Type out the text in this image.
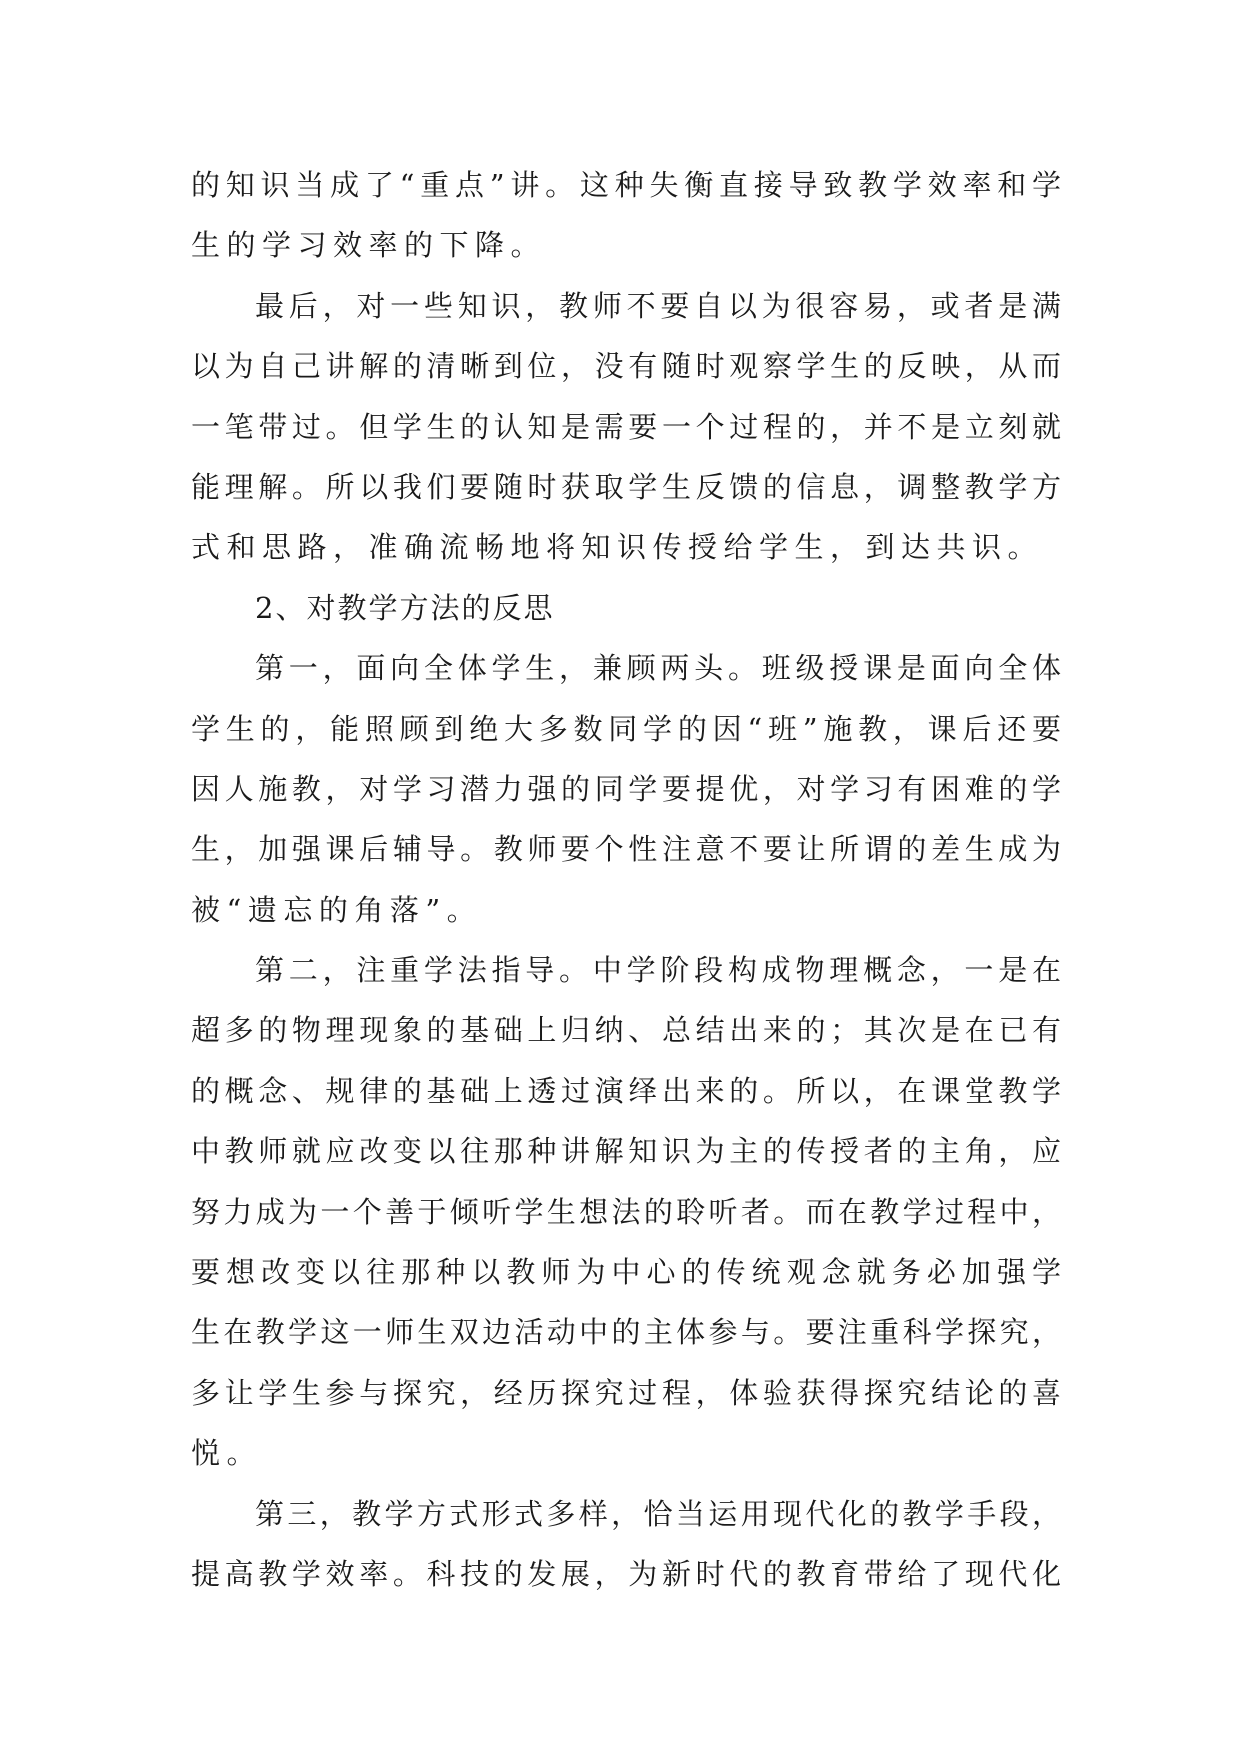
的知识当成了“重点”讲。这种失衡直接导致教学效率和学
生的学习效率的下降。
最后，对一些知识，教师不要自以为很容易，或者是满
以为自己讲解的清晰到位，没有随时观察学生的反映，从而
一笔带过。但学生的认知是需要一个过程的，并不是立刻就
能理解。所以我们要随时获取学生反馈的信息，调整教学方
式和思路，准确流畅地将知识传授给学生，到达共识。
2、对教学方法的反思
第一，面向全体学生，兼顾两头。班级授课是面向全体
学生的，能照顾到绝大多数同学的因“班”施教，课后还要
因人施教，对学习潜力强的同学要提优，对学习有困难的学
生，加强课后辅导。教师要个性注意不要让所谓的差生成为
被“遗忘的角落”。
第二，注重学法指导。中学阶段构成物理概念，一是在
超多的物理现象的基础上归纳、总结出来的；其次是在已有
的概念、规律的基础上透过演绎出来的。所以，在课堂教学
中教师就应改变以往那种讲解知识为主的传授者的主角，应
努力成为一个善于倾听学生想法的聆听者。而在教学过程中，
要想改变以往那种以教师为中心的传统观念就务必加强学
生在教学这一师生双边活动中的主体参与。要注重科学探究，
多让学生参与探究，经历探究过程，体验获得探究结论的喜
悦。
第三，教学方式形式多样，恰当运用现代化的教学手段，
提高教学效率。科技的发展，为新时代的教育带给了现代化
